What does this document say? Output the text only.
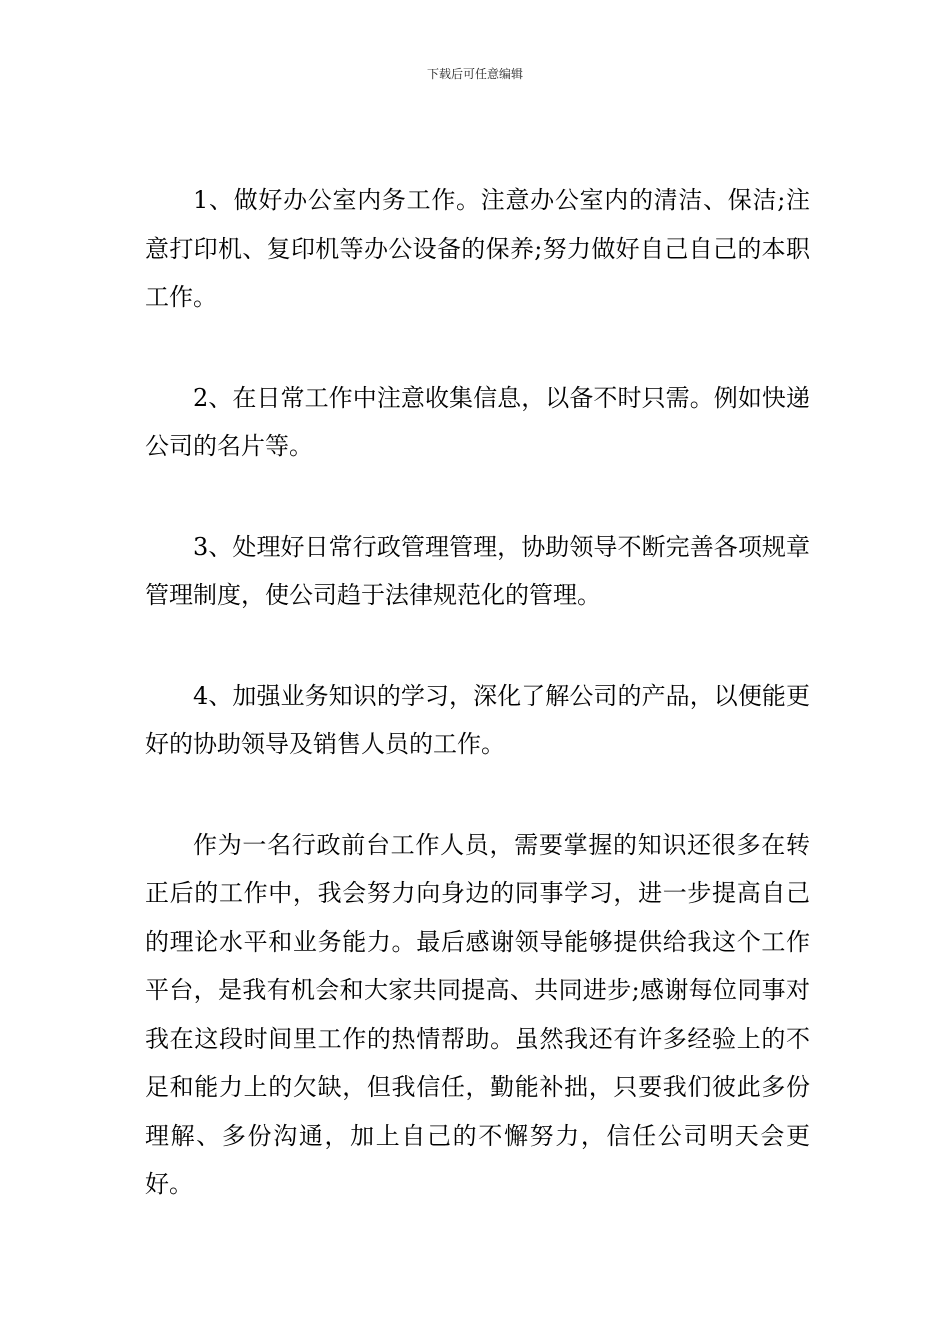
下载后可任意编辑

1、做好办公室内务工作。注意办公室内的清洁、保洁;注意打印机、复印机等办公设备的保养;努力做好自己自己的本职工作。

2、在日常工作中注意收集信息，以备不时只需。例如快递公司的名片等。

3、处理好日常行政管理管理，协助领导不断完善各项规章管理制度，使公司趋于法律规范化的管理。

4、加强业务知识的学习，深化了解公司的产品，以便能更好的协助领导及销售人员的工作。

作为一名行政前台工作人员，需要掌握的知识还很多在转正后的工作中，我会努力向身边的同事学习，进一步提高自己的理论水平和业务能力。最后感谢领导能够提供给我这个工作平台，是我有机会和大家共同提高、共同进步;感谢每位同事对我在这段时间里工作的热情帮助。虽然我还有许多经验上的不足和能力上的欠缺，但我信任，勤能补拙，只要我们彼此多份理解、多份沟通，加上自己的不懈努力，信任公司明天会更好。
